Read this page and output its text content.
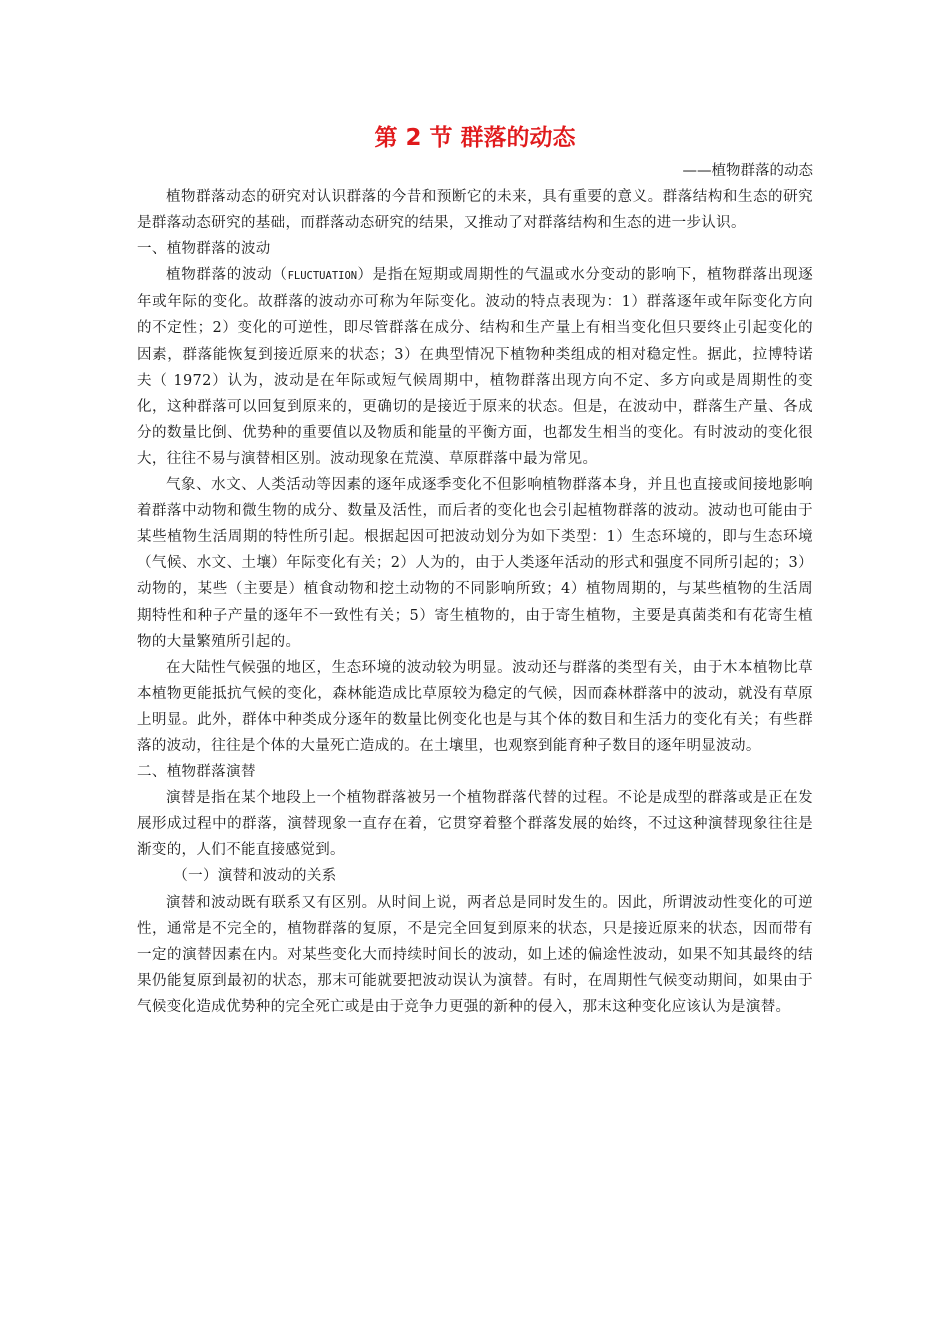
第 2 节 群落的动态

——植物群落的动态

植物群落动态的研究对认识群落的今昔和预断它的未来，具有重要的意义。群落结构和生态的研究是群落动态研究的基础，而群落动态研究的结果，又推动了对群落结构和生态的进一步认识。

一、植物群落的波动

植物群落的波动（FLUCTUATION）是指在短期或周期性的气温或水分变动的影响下，植物群落出现逐年或年际的变化。故群落的波动亦可称为年际变化。波动的特点表现为：1）群落逐年或年际变化方向的不定性；2）变化的可逆性，即尽管群落在成分、结构和生产量上有相当变化但只要终止引起变化的因素，群落能恢复到接近原来的状态；3）在典型情况下植物种类组成的相对稳定性。据此，拉博特诺夫（ 1972）认为，波动是在年际或短气候周期中，植物群落出现方向不定、多方向或是周期性的变化，这种群落可以回复到原来的，更确切的是接近于原来的状态。但是，在波动中，群落生产量、各成分的数量比倒、优势种的重要值以及物质和能量的平衡方面，也都发生相当的变化。有时波动的变化很大，往往不易与演替相区别。波动现象在荒漠、草原群落中最为常见。

气象、水文、人类活动等因素的逐年成逐季变化不但影响植物群落本身，并且也直接或间接地影响着群落中动物和微生物的成分、数量及活性，而后者的变化也会引起植物群落的波动。波动也可能由于某些植物生活周期的特性所引起。根据起因可把波动划分为如下类型：1）生态环境的，即与生态环境（气候、水文、土壤）年际变化有关；2）人为的，由于人类逐年活动的形式和强度不同所引起的；3）动物的，某些（主要是）植食动物和挖土动物的不同影响所致；4）植物周期的，与某些植物的生活周期特性和种子产量的逐年不一致性有关；5）寄生植物的，由于寄生植物，主要是真菌类和有花寄生植物的大量繁殖所引起的。

在大陆性气候强的地区，生态环境的波动较为明显。波动还与群落的类型有关，由于木本植物比草本植物更能抵抗气候的变化，森林能造成比草原较为稳定的气候，因而森林群落中的波动，就没有草原上明显。此外，群体中种类成分逐年的数量比例变化也是与其个体的数目和生活力的变化有关；有些群落的波动，往往是个体的大量死亡造成的。在土壤里，也观察到能育种子数目的逐年明显波动。

二、植物群落演替

演替是指在某个地段上一个植物群落被另一个植物群落代替的过程。不论是成型的群落或是正在发展形成过程中的群落，演替现象一直存在着，它贯穿着整个群落发展的始终，不过这种演替现象往往是渐变的，人们不能直接感觉到。

（一）演替和波动的关系

演替和波动既有联系又有区别。从时间上说，两者总是同时发生的。因此，所谓波动性变化的可逆性，通常是不完全的，植物群落的复原，不是完全回复到原来的状态，只是接近原来的状态，因而带有一定的演替因素在内。对某些变化大而持续时间长的波动，如上述的偏途性波动，如果不知其最终的结果仍能复原到最初的状态，那末可能就要把波动误认为演替。有时，在周期性气候变动期间，如果由于气候变化造成优势种的完全死亡或是由于竞争力更强的新种的侵入，那末这种变化应该认为是演替。
